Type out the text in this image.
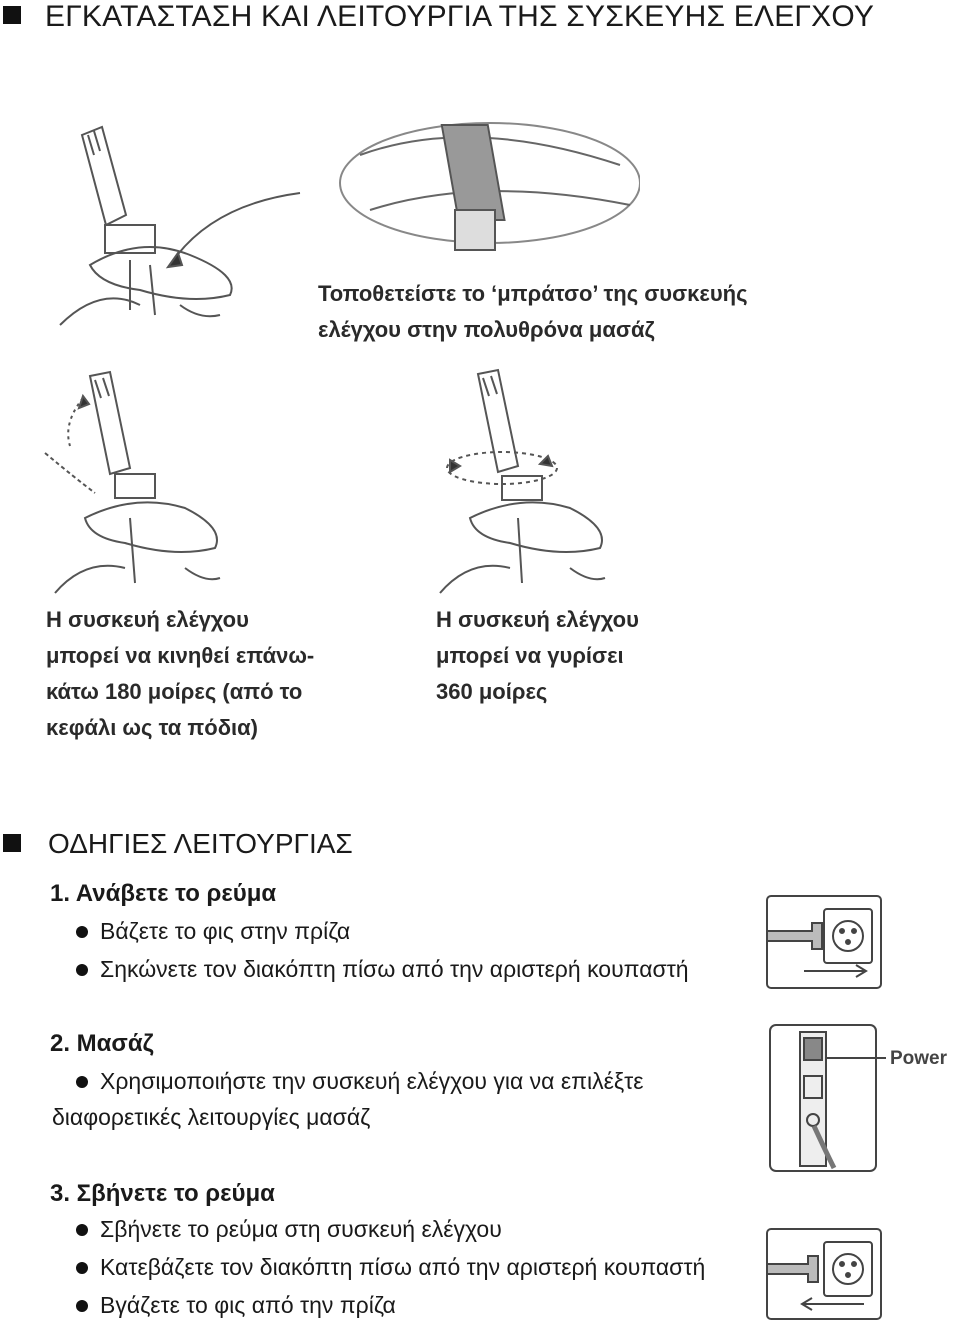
ΕΓΚΑΤΑΣΤΑΣΗ ΚΑΙ ΛΕΙΤΟΥΡΓΙΑ ΤΗΣ ΣΥΣΚΕΥΗΣ ΕΛΕΓΧΟΥ
Τοποθετείστε το ‘μπράτσο’ της συσκευής
ελέγχου στην πολυθρόνα μασάζ
Η συσκευή ελέγχου
μπορεί να κινηθεί επάνω-
κάτω 180 μοίρες (από το
κεφάλι ως τα πόδια)
Η συσκευή ελέγχου
μπορεί να γυρίσει
360 μοίρες
ΟΔΗΓΙΕΣ ΛΕΙΤΟΥΡΓΙΑΣ
1. Ανάβετε το ρεύμα
Βάζετε το φις στην πρίζα
Σηκώνετε τον διακόπτη πίσω από την αριστερή κουπαστή
2. Μασάζ
Χρησιμοποιήστε την συσκευή ελέγχου για να επιλέξτε
διαφορετικές λειτουργίες μασάζ
Power
3. Σβήνετε το ρεύμα
Σβήνετε το ρεύμα στη συσκευή ελέγχου
Κατεβάζετε τον διακόπτη πίσω από την αριστερή κουπαστή
Βγάζετε το φις από την πρίζα
